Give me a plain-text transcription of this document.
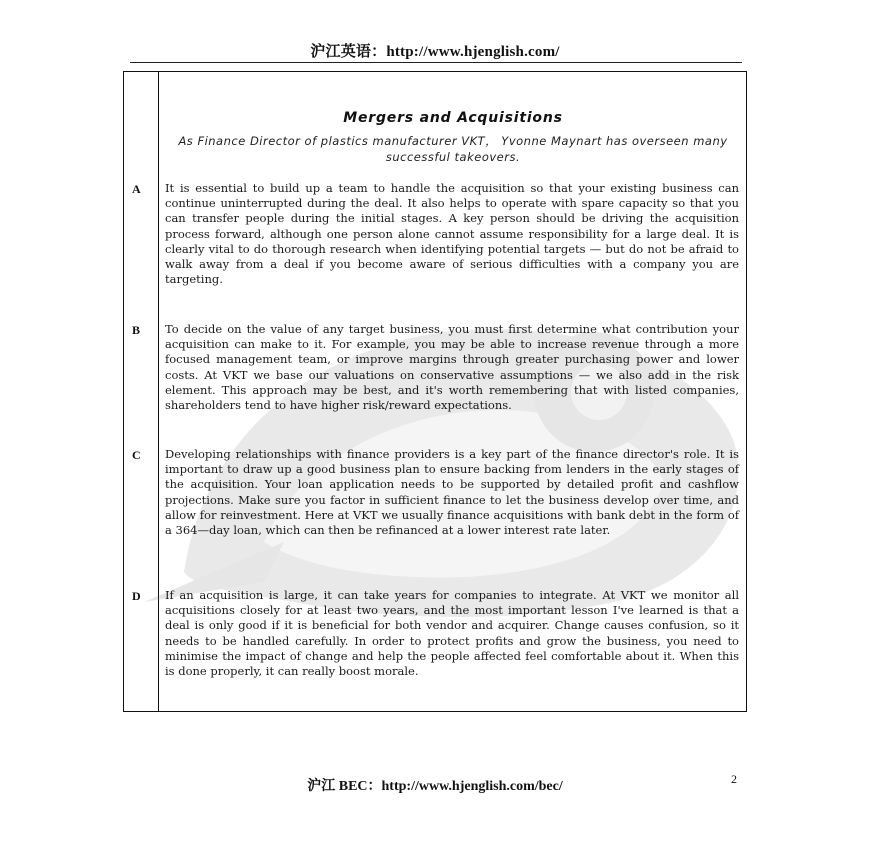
沪江英语：http://www.hjenglish.com/
Mergers and Acquisitions
As Finance Director of plastics manufacturer VKT， Yvonne Maynart has overseen many successful takeovers.
A It is essential to build up a team to handle the acquisition so that your existing business can continue uninterrupted during the deal. It also helps to operate with spare capacity so that you can transfer people during the initial stages. A key person should be driving the acquisition process forward, although one person alone cannot assume responsibility for a large deal. It is clearly vital to do thorough research when identifying potential targets — but do not be afraid to walk away from a deal if you become aware of serious difficulties with a company you are targeting.
B To decide on the value of any target business, you must first determine what contribution your acquisition can make to it. For example, you may be able to increase revenue through a more focused management team, or improve margins through greater purchasing power and lower costs. At VKT we base our valuations on conservative assumptions — we also add in the risk element. This approach may be best, and it's worth remembering that with listed companies, shareholders tend to have higher risk/reward expectations.
C Developing relationships with finance providers is a key part of the finance director's role. It is important to draw up a good business plan to ensure backing from lenders in the early stages of the acquisition. Your loan application needs to be supported by detailed profit and cashflow projections. Make sure you factor in sufficient finance to let the business develop over time, and allow for reinvestment. Here at VKT we usually finance acquisitions with bank debt in the form of a 364—day loan, which can then be refinanced at a lower interest rate later.
D If an acquisition is large, it can take years for companies to integrate. At VKT we monitor all acquisitions closely for at least two years, and the most important lesson I've learned is that a deal is only good if it is beneficial for both vendor and acquirer. Change causes confusion, so it needs to be handled carefully. In order to protect profits and grow the business, you need to minimise the impact of change and help the people affected feel comfortable about it. When this is done properly, it can really boost morale.
沪江 BEC：http://www.hjenglish.com/bec/	2
